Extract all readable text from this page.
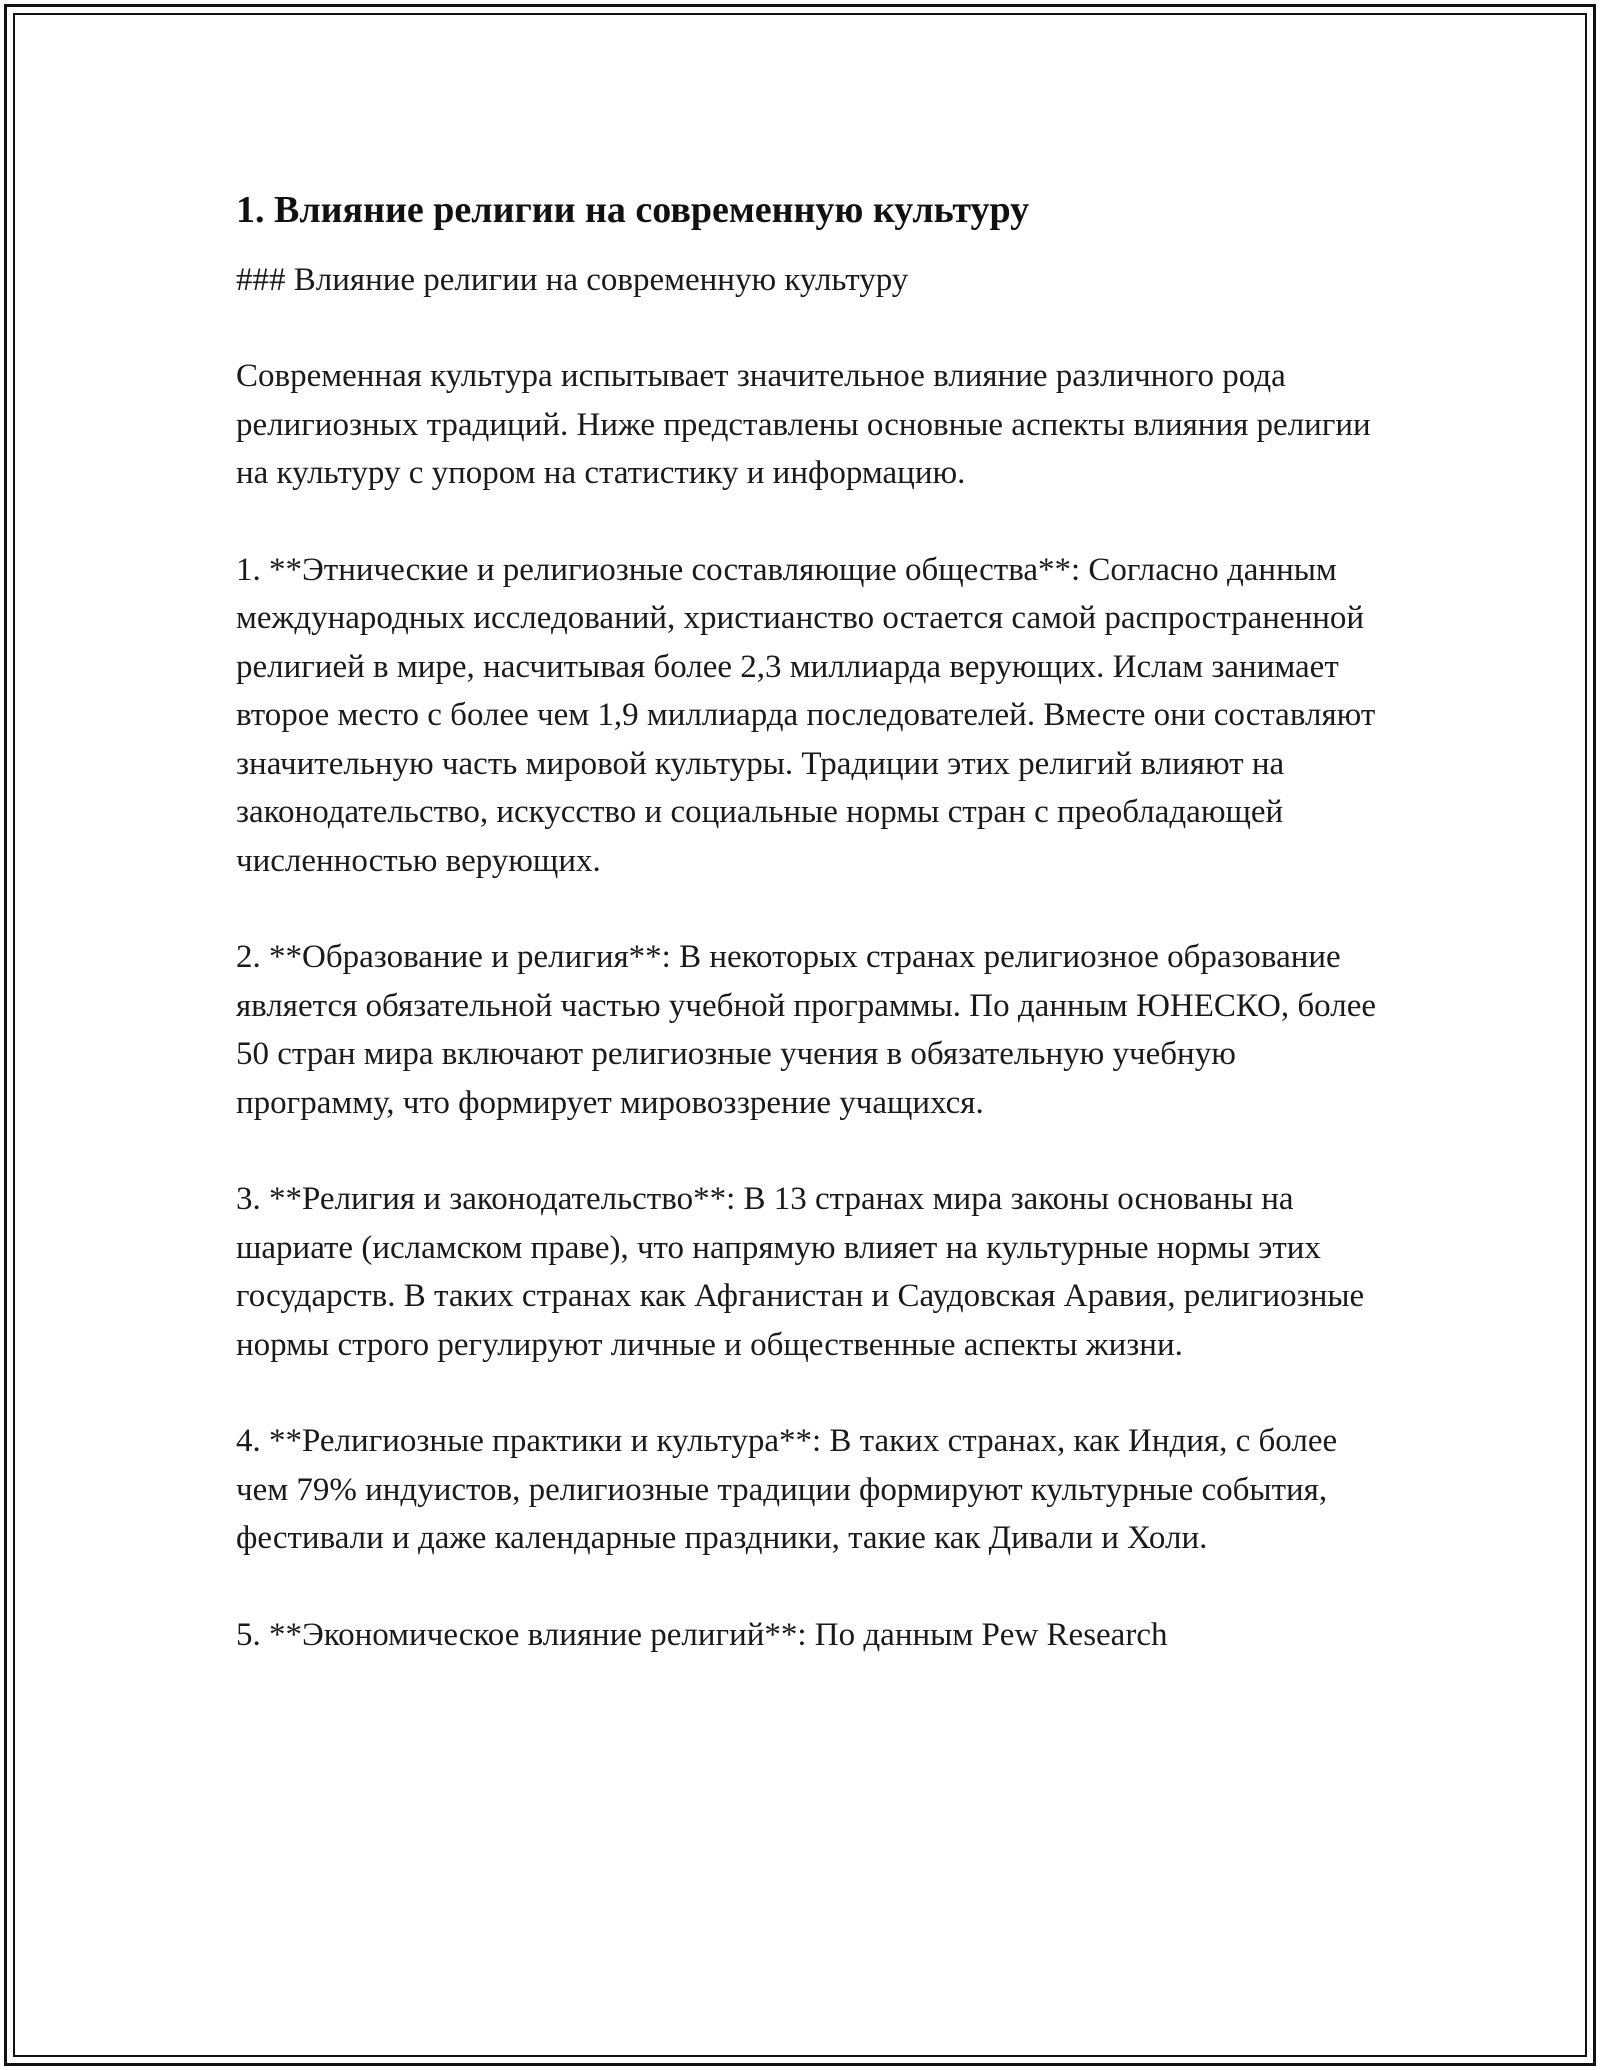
1. Влияние религии на современную культуру

### Влияние религии на современную культуру

Современная культура испытывает значительное влияние различного рода религиозных традиций. Ниже представлены основные аспекты влияния религии на культуру с упором на статистику и информацию.

1. **Этнические и религиозные составляющие общества**: Согласно данным международных исследований, христианство остается самой распространенной религией в мире, насчитывая более 2,3 миллиарда верующих. Ислам занимает второе место с более чем 1,9 миллиарда последователей. Вместе они составляют значительную часть мировой культуры. Традиции этих религий влияют на законодательство, искусство и социальные нормы стран с преобладающей численностью верующих.

2. **Образование и религия**: В некоторых странах религиозное образование является обязательной частью учебной программы. По данным ЮНЕСКО, более 50 стран мира включают религиозные учения в обязательную учебную программу, что формирует мировоззрение учащихся.

3. **Религия и законодательство**: В 13 странах мира законы основаны на шариате (исламском праве), что напрямую влияет на культурные нормы этих государств. В таких странах как Афганистан и Саудовская Аравия, религиозные нормы строго регулируют личные и общественные аспекты жизни.

4. **Религиозные практики и культура**: В таких странах, как Индия, с более чем 79% индуистов, религиозные традиции формируют культурные события, фестивали и даже календарные праздники, такие как Дивали и Холи.

5. **Экономическое влияние религий**: По данным Pew Research
